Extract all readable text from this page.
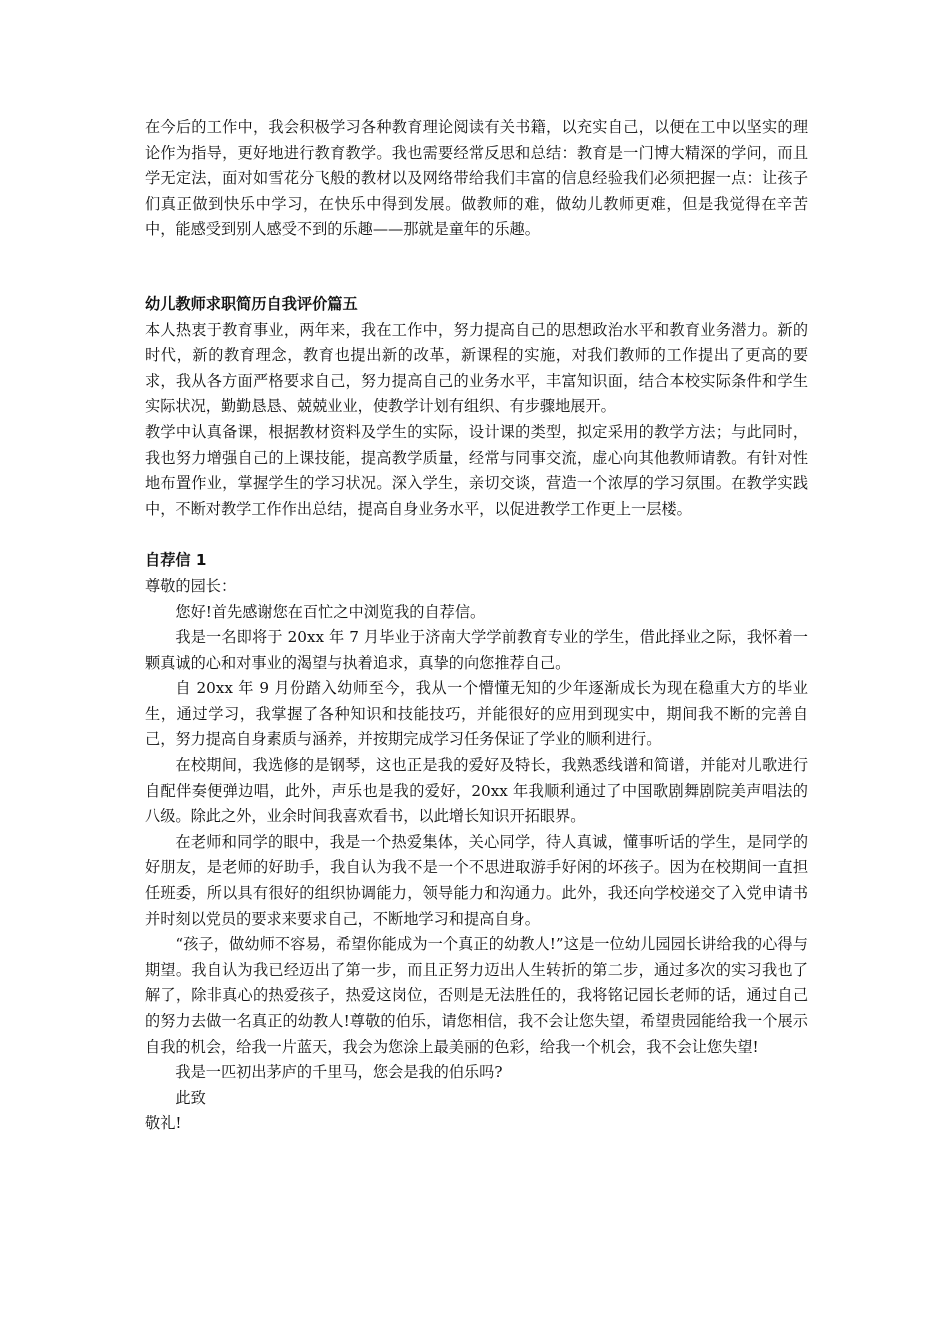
在今后的工作中，我会积极学习各种教育理论阅读有关书籍，以充实自己，以便在工中以坚实的理论作为指导，更好地进行教育教学。我也需要经常反思和总结：教育是一门博大精深的学问，而且学无定法，面对如雪花分飞般的教材以及网络带给我们丰富的信息经验我们必须把握一点：让孩子们真正做到快乐中学习，在快乐中得到发展。做教师的难，做幼儿教师更难，但是我觉得在辛苦中，能感受到别人感受不到的乐趣——那就是童年的乐趣。

幼儿教师求职简历自我评价篇五

本人热衷于教育事业，两年来，我在工作中，努力提高自己的思想政治水平和教育业务潜力。新的时代，新的教育理念，教育也提出新的改革，新课程的实施，对我们教师的工作提出了更高的要求，我从各方面严格要求自己，努力提高自己的业务水平，丰富知识面，结合本校实际条件和学生实际状况，勤勤恳恳、兢兢业业，使教学计划有组织、有步骤地展开。

教学中认真备课，根据教材资料及学生的实际，设计课的类型，拟定采用的教学方法；与此同时，我也努力增强自己的上课技能，提高教学质量，经常与同事交流，虚心向其他教师请教。有针对性地布置作业，掌握学生的学习状况。深入学生，亲切交谈，营造一个浓厚的学习氛围。在教学实践中，不断对教学工作作出总结，提高自身业务水平，以促进教学工作更上一层楼。

自荐信 1

尊敬的园长：

您好!首先感谢您在百忙之中浏览我的自荐信。

我是一名即将于 20xx 年 7 月毕业于济南大学学前教育专业的学生，借此择业之际，我怀着一颗真诚的心和对事业的渴望与执着追求，真挚的向您推荐自己。

自 20xx 年 9 月份踏入幼师至今，我从一个懵懂无知的少年逐渐成长为现在稳重大方的毕业生，通过学习，我掌握了各种知识和技能技巧，并能很好的应用到现实中，期间我不断的完善自己，努力提高自身素质与涵养，并按期完成学习任务保证了学业的顺利进行。

在校期间，我选修的是钢琴，这也正是我的爱好及特长，我熟悉线谱和简谱，并能对儿歌进行自配伴奏便弹边唱，此外，声乐也是我的爱好，20xx 年我顺利通过了中国歌剧舞剧院美声唱法的八级。除此之外，业余时间我喜欢看书，以此增长知识开拓眼界。

在老师和同学的眼中，我是一个热爱集体，关心同学，待人真诚，懂事听话的学生，是同学的好朋友，是老师的好助手，我自认为我不是一个不思进取游手好闲的坏孩子。因为在校期间一直担任班委，所以具有很好的组织协调能力，领导能力和沟通力。此外，我还向学校递交了入党申请书并时刻以党员的要求来要求自己，不断地学习和提高自身。

“孩子，做幼师不容易，希望你能成为一个真正的幼教人!”这是一位幼儿园园长讲给我的心得与期望。我自认为我已经迈出了第一步，而且正努力迈出人生转折的第二步，通过多次的实习我也了解了，除非真心的热爱孩子，热爱这岗位，否则是无法胜任的，我将铭记园长老师的话，通过自己的努力去做一名真正的幼教人!尊敬的伯乐，请您相信，我不会让您失望，希望贵园能给我一个展示自我的机会，给我一片蓝天，我会为您涂上最美丽的色彩，给我一个机会，我不会让您失望!

我是一匹初出茅庐的千里马，您会是我的伯乐吗?

此致

敬礼!
